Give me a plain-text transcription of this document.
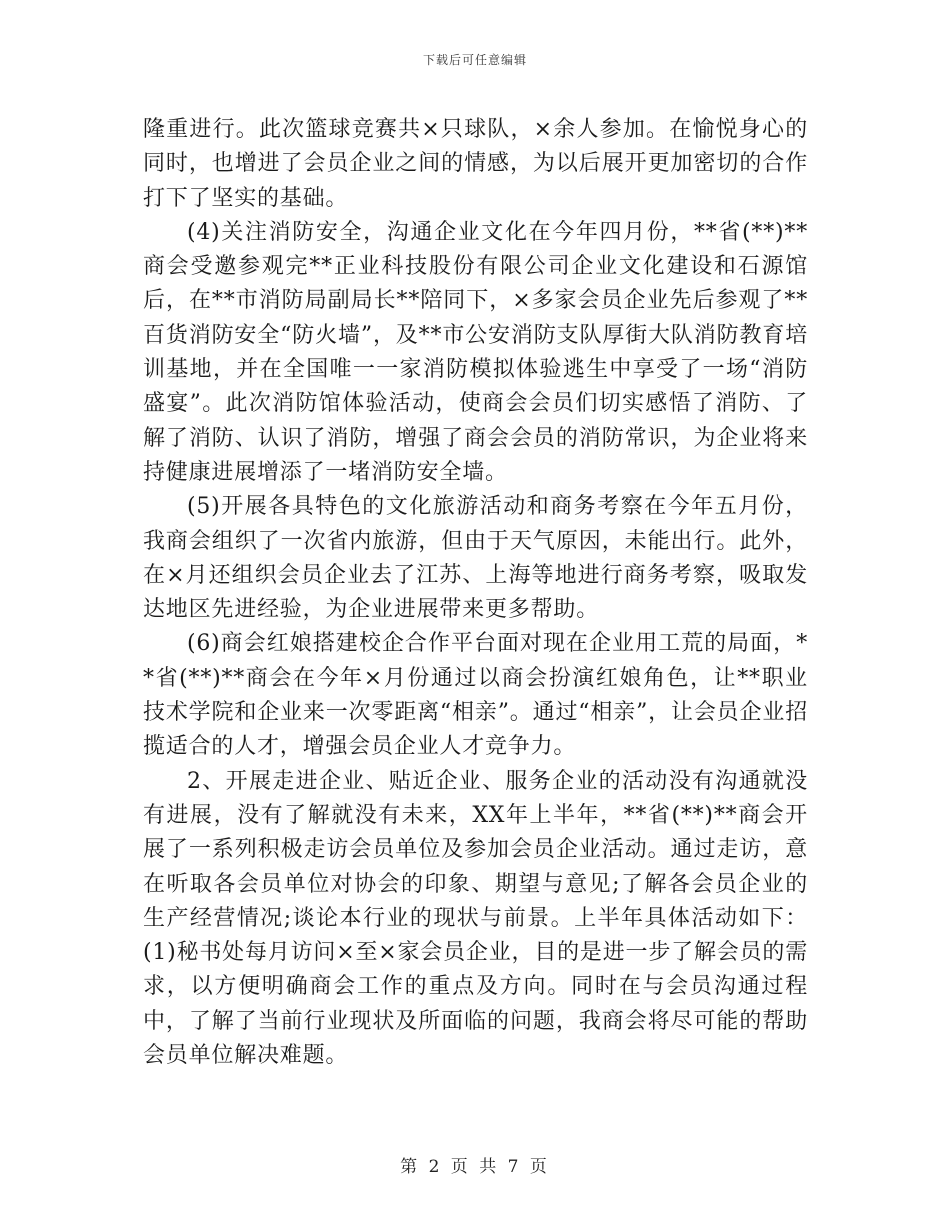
下载后可任意编辑

隆重进行。此次篮球竞赛共×只球队，×余人参加。在愉悦身心的同时，也增进了会员企业之间的情感，为以后展开更加密切的合作打下了坚实的基础。

(4)关注消防安全，沟通企业文化在今年四月份，**省(**)**商会受邀参观完**正业科技股份有限公司企业文化建设和石源馆后，在**市消防局副局长**陪同下，×多家会员企业先后参观了**百货消防安全“防火墙”，及**市公安消防支队厚街大队消防教育培训基地，并在全国唯一一家消防模拟体验逃生中享受了一场“消防盛宴”。此次消防馆体验活动，使商会会员们切实感悟了消防、了解了消防、认识了消防，增强了商会会员的消防常识，为企业将来持健康进展增添了一堵消防安全墙。

(5)开展各具特色的文化旅游活动和商务考察在今年五月份，我商会组织了一次省内旅游，但由于天气原因，未能出行。此外，在×月还组织会员企业去了江苏、上海等地进行商务考察，吸取发达地区先进经验，为企业进展带来更多帮助。

(6)商会红娘搭建校企合作平台面对现在企业用工荒的局面，**省(**)**商会在今年×月份通过以商会扮演红娘角色，让**职业技术学院和企业来一次零距离“相亲”。通过“相亲”，让会员企业招揽适合的人才，增强会员企业人才竞争力。

2、开展走进企业、贴近企业、服务企业的活动没有沟通就没有进展，没有了解就没有未来，XX年上半年，**省(**)**商会开展了一系列积极走访会员单位及参加会员企业活动。通过走访，意在听取各会员单位对协会的印象、期望与意见;了解各会员企业的生产经营情况;谈论本行业的现状与前景。上半年具体活动如下：(1)秘书处每月访问×至×家会员企业，目的是进一步了解会员的需求，以方便明确商会工作的重点及方向。同时在与会员沟通过程中，了解了当前行业现状及所面临的问题，我商会将尽可能的帮助会员单位解决难题。

第 2 页 共 7 页
